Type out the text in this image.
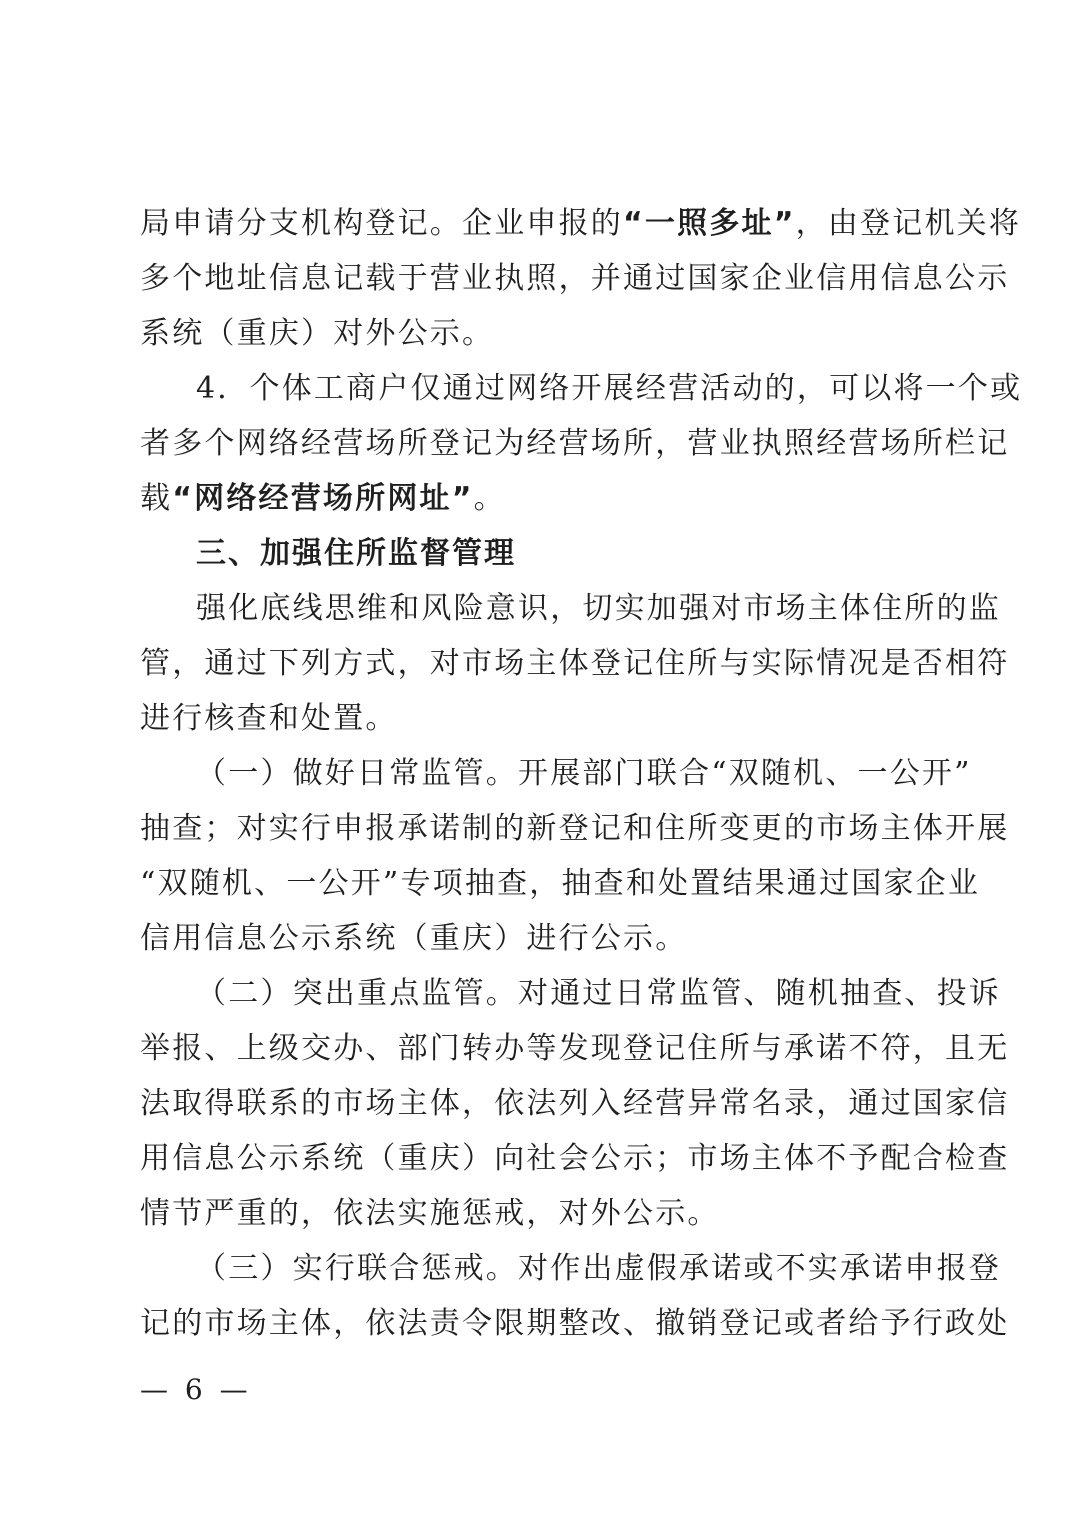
局申请分支机构登记。企业申报的“一照多址”，由登记机关将
多个地址信息记载于营业执照，并通过国家企业信用信息公示
系统（重庆）对外公示。
4．个体工商户仅通过网络开展经营活动的，可以将一个或
者多个网络经营场所登记为经营场所，营业执照经营场所栏记
载“网络经营场所网址”。
三、加强住所监督管理
强化底线思维和风险意识，切实加强对市场主体住所的监
管，通过下列方式，对市场主体登记住所与实际情况是否相符
进行核查和处置。
（一）做好日常监管。开展部门联合“双随机、一公开”
抽查；对实行申报承诺制的新登记和住所变更的市场主体开展
“双随机、一公开”专项抽查，抽查和处置结果通过国家企业
信用信息公示系统（重庆）进行公示。
（二）突出重点监管。对通过日常监管、随机抽查、投诉
举报、上级交办、部门转办等发现登记住所与承诺不符，且无
法取得联系的市场主体，依法列入经营异常名录，通过国家信
用信息公示系统（重庆）向社会公示；市场主体不予配合检查
情节严重的，依法实施惩戒，对外公示。
（三）实行联合惩戒。对作出虚假承诺或不实承诺申报登
记的市场主体，依法责令限期整改、撤销登记或者给予行政处
— 6 —
